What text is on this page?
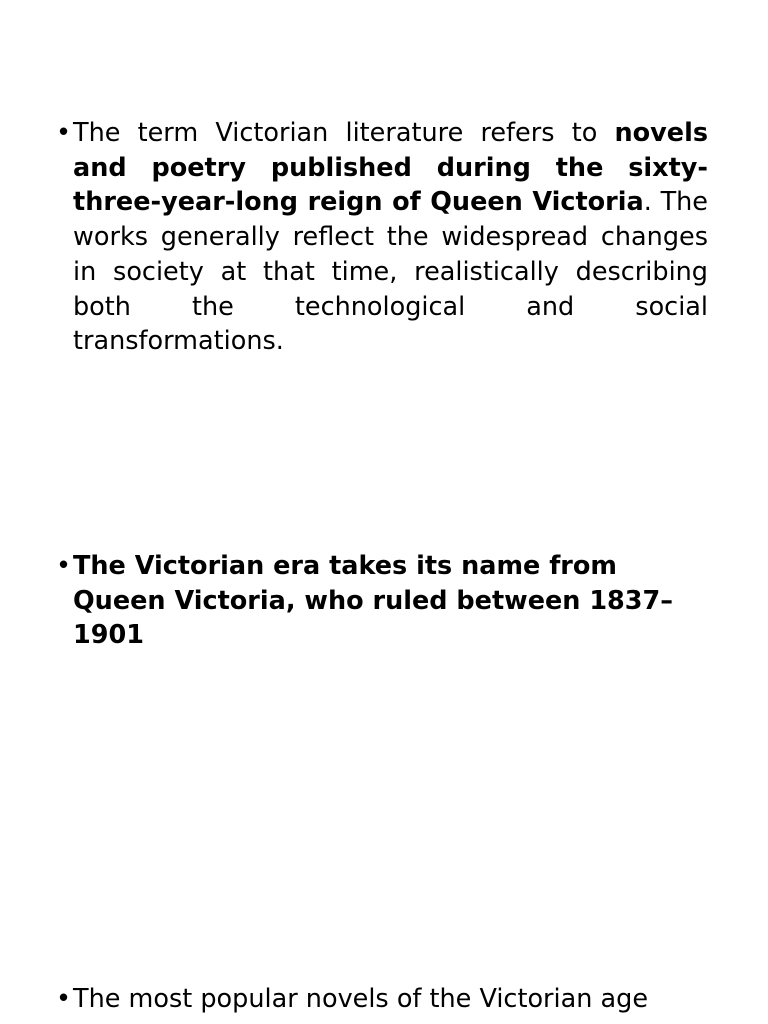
• The term Victorian literature refers to novels and poetry published during the sixty-three-year-long reign of Queen Victoria. The works generally reflect the widespread changes in society at that time, realistically describing both the technological and social transformations.
• The Victorian era takes its name from Queen Victoria, who ruled between 1837–1901
• The most popular novels of the Victorian age
